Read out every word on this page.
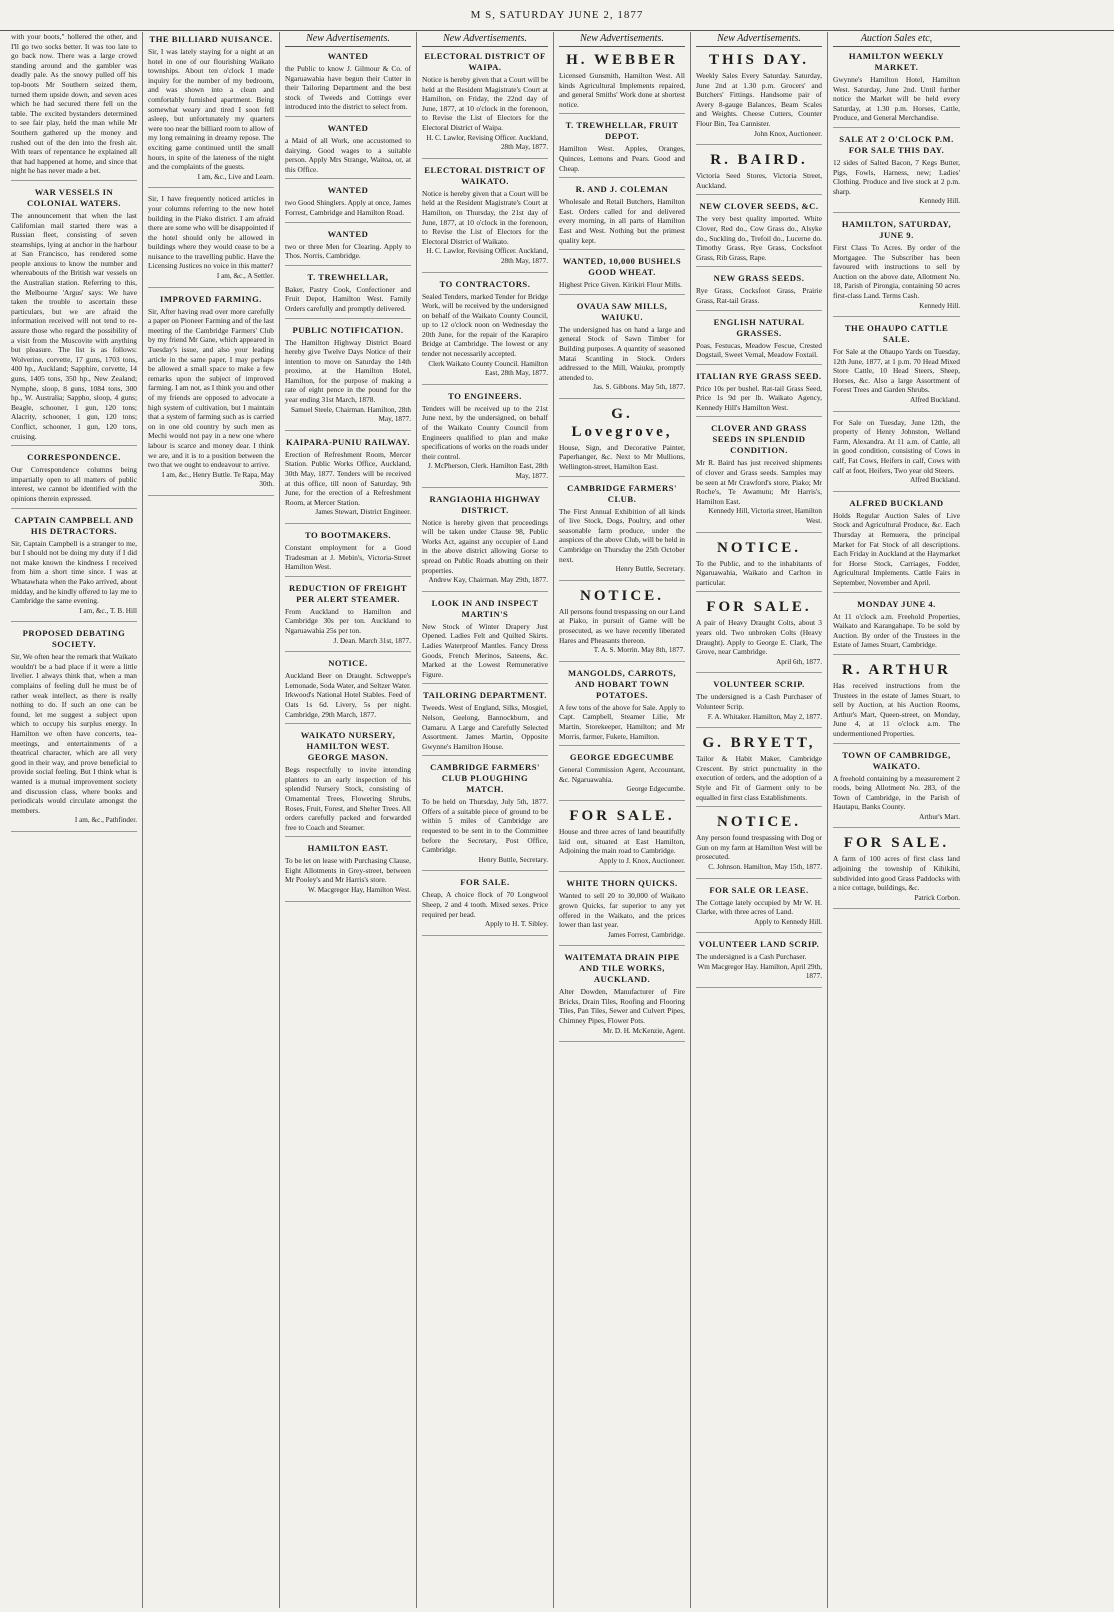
M S, SATURDAY JUNE 2, 1877

with your boots," hollered the other, and I'll go two socks better. It was too late to go back now. There was a large crowd standing around and the gambler was deadly pale. As the snowy pulled off his top-boots Mr Southern seized them, turned them upside down, and seven aces which he had secured there fell on the table. The excited bystanders determined to see fair play, held the man while Mr Southern gathered up the money and rushed out of the den into the fresh air. With tears of repentance he explained all that had happened at home, and since that night he has never made a bet.

WAR VESSELS IN COLONIAL WATERS.

The announcement that when the last Californian mail started there was a Russian fleet, consisting of seven steamships, lying at anchor in the harbour at San Francisco, has rendered some people anxious to know the number and whereabouts of the British war vessels on the Australian station. Referring to this, the Melbourne 'Argus' says: We have taken the trouble to ascertain these particulars, but we are afraid the information received will not tend to re-assure those who regard the possibility of a visit from the Muscovite with anything but pleasure. The list is as follows: Wolverine, corvette, 17 guns, 1703 tons, 400 hp., Auckland; Sapphire, corvette, 14 guns, 1405 tons, 350 hp., New Zealand; Nymphe, sloop, 8 guns, 1084 tons, 300 hp., W. Australia; Sappho, sloop, 4 guns; Beagle, schooner, 1 gun, 120 tons; Alacrity, schooner, 1 gun, 120 tons; Conflict, schooner, 1 gun, 120 tons, cruising.

CORRESPONDENCE.

Our Correspondence columns being impartially open to all matters of public interest, we cannot be identified with the opinions therein expressed.

CAPTAIN CAMPBELL AND HIS DETRACTORS.

Sir, Captain Campbell is a stranger to me, but I should not be doing my duty if I did not make known the kindness I received from him a short time since. I was at Whatawhata when the Pako arrived, about midday, and he kindly offered to lay me to Cambridge the same evening.

I am, &c., T. B. Hill
PROPOSED DEBATING SOCIETY.

Sir, We often hear the remark that Waikato wouldn't be a bad place if it were a little livelier. I always think that, when a man complains of feeling dull he must be of rather weak intellect, as there is really nothing to do. If such an one can be found, let me suggest a subject upon which to occupy his surplus energy. In Hamilton we often have concerts, tea-meetings, and entertainments of a theatrical character, which are all very good in their way, and prove beneficial to provide social feeling. But I think what is wanted is a mutual improvement society and discussion class, where books and periodicals would circulate amongst the members.

I am, &c., Pathfinder.
THE BILLIARD NUISANCE.

Sir, I was lately staying for a night at an hotel in one of our flourishing Waikato townships. About ten o'clock I made inquiry for the number of my bedroom, and was shown into a clean and comfortably furnished apartment. Being somewhat weary and tired I soon fell asleep, but unfortunately my quarters were too near the billiard room to allow of my long remaining in dreamy repose. The exciting game continued until the small hours, in spite of the lateness of the night and the complaints of the guests.

I am, &c., Live and Learn.

Sir, I have frequently noticed articles in your columns referring to the new hotel building in the Piako district. I am afraid there are some who will be disappointed if the hotel should only be allowed in buildings where they would cease to be a nuisance to the travelling public. Have the Licensing Justices no voice in this matter?

I am, &c., A Settler.
IMPROVED FARMING.

Sir, After having read over more carefully a paper on Pioneer Farming and of the last meeting of the Cambridge Farmers' Club by my friend Mr Gane, which appeared in Tuesday's issue, and also your leading article in the same paper, I may perhaps be allowed a small space to make a few remarks upon the subject of improved farming. I am not, as I think you and other of my friends are opposed to advocate a high system of cultivation, but I maintain that a system of farming such as is carried on in one old country by such men as Mechi would not pay in a new one where labour is scarce and money dear. I think we are, and it is to a position between the two that we ought to endeavour to arrive.

I am, &c., Henry Buttle. Te Rapa, May 30th.
New Advertisements.
WANTED

the Public to know J. Gilmour & Co. of Ngaruawahia have begun their Cutter in their Tailoring Department and the best stock of Tweeds and Cottings ever introduced into the district to select from.

WANTED

a Maid of all Work, one accustomed to dairying. Good wages to a suitable person. Apply Mrs Strange, Waitoa, or, at this Office.

WANTED

two Good Shinglers. Apply at once, James Forrest, Cambridge and Hamilton Road.

WANTED

two or three Men for Clearing. Apply to Thos. Norris, Cambridge.

T. TREWHELLAR,

Baker, Pastry Cook, Confectioner and Fruit Depot, Hamilton West. Family Orders carefully and promptly delivered.

PUBLIC NOTIFICATION.

The Hamilton Highway District Board hereby give Twelve Days Notice of their intention to move on Saturday the 14th proximo, at the Hamilton Hotel, Hamilton, for the purpose of making a rate of eight pence in the pound for the year ending 31st March, 1878.

Samuel Steele, Chairman. Hamilton, 28th May, 1877.
KAIPARA-PUNIU RAILWAY.

Erection of Refreshment Room, Mercer Station. Public Works Office, Auckland, 30th May, 1877. Tenders will be received at this office, till noon of Saturday, 9th June, for the erection of a Refreshment Room, at Mercer Station.

James Stewart, District Engineer.
TO BOOTMAKERS.

Constant employment for a Good Tradesman at J. Mebin's, Victoria-Street Hamilton West.

REDUCTION OF FREIGHT PER ALERT STEAMER.

From Auckland to Hamilton and Cambridge 30s per ton. Auckland to Ngaruawahia 25s per ton.

J. Dean. March 31st, 1877.
NOTICE.

Auckland Beer on Draught. Schweppe's Lemonade, Soda Water, and Seltzer Water. Irkwood's National Hotel Stables. Feed of Oats 1s 6d. Livery, 5s per night. Cambridge, 29th March, 1877.

WAIKATO NURSERY, HAMILTON WEST. GEORGE MASON.

Begs respectfully to invite intending planters to an early inspection of his splendid Nursery Stock, consisting of Ornamental Trees, Flowering Shrubs, Roses, Fruit, Forest, and Shelter Trees. All orders carefully packed and forwarded free to Coach and Steamer.

HAMILTON EAST.

To be let on lease with Purchasing Clause, Eight Allotments in Grey-street, between Mr Pooley's and Mr Harris's store.

W. Macgregor Hay, Hamilton West.
New Advertisements.
ELECTORAL DISTRICT OF WAIPA.

Notice is hereby given that a Court will be held at the Resident Magistrate's Court at Hamilton, on Friday, the 22nd day of June, 1877, at 10 o'clock in the forenoon, to Revise the List of Electors for the Electoral District of Waipa.

H. C. Lawlor, Revising Officer. Auckland, 28th May, 1877.
ELECTORAL DISTRICT OF WAIKATO.

Notice is hereby given that a Court will be held at the Resident Magistrate's Court at Hamilton, on Thursday, the 21st day of June, 1877, at 10 o'clock in the forenoon, to Revise the List of Electors for the Electoral District of Waikato.

H. C. Lawlor, Revising Officer. Auckland, 28th May, 1877.
TO CONTRACTORS.

Sealed Tenders, marked Tender for Bridge Work, will be received by the undersigned on behalf of the Waikato County Council, up to 12 o'clock noon on Wednesday the 20th June, for the repair of the Karapiro Bridge at Cambridge. The lowest or any tender not necessarily accepted.

Clerk Waikato County Council. Hamilton East, 28th May, 1877.
TO ENGINEERS.

Tenders will be received up to the 21st June next, by the undersigned, on behalf of the Waikato County Council from Engineers qualified to plan and make specifications of works on the roads under their control.

J. McPherson, Clerk. Hamilton East, 28th May, 1877.
RANGIAOHIA HIGHWAY DISTRICT.

Notice is hereby given that proceedings will be taken under Clause 98, Public Works Act, against any occupier of Land in the above district allowing Gorse to spread on Public Roads abutting on their properties.

Andrew Kay, Chairman. May 29th, 1877.
LOOK IN AND INSPECT MARTIN'S

New Stock of Winter Drapery Just Opened. Ladies Felt and Quilted Skirts. Ladies Waterproof Mantles. Fancy Dress Goods, French Merinos, Sateens, &c. Marked at the Lowest Remunerative Figure.

TAILORING DEPARTMENT.

Tweeds. West of England, Silks, Mosgiel, Nelson, Geelong, Bannockburn, and Oamaru. A Large and Carefully Selected Assortment. James Martin, Opposite Gwynne's Hamilton House.

CAMBRIDGE FARMERS' CLUB PLOUGHING MATCH.

To be held on Thursday, July 5th, 1877. Offers of a suitable piece of ground to be within 5 miles of Cambridge are requested to be sent in to the Committee before the Secretary, Post Office, Cambridge.

Henry Buttle, Secretary.
FOR SALE.

Cheap, A choice flock of 70 Longwool Sheep, 2 and 4 tooth. Mixed sexes. Price required per head.

Apply to H. T. Sibley.
New Advertisements.
H. WEBBER

Licensed Gunsmith, Hamilton West. All kinds Agricultural Implements repaired, and general Smiths' Work done at shortest notice.

T. TREWHELLAR, FRUIT DEPOT.

Hamilton West. Apples, Oranges, Quinces, Lemons and Pears. Good and Cheap.

R. AND J. COLEMAN

Wholesale and Retail Butchers, Hamilton East. Orders called for and delivered every morning, in all parts of Hamilton East and West. Nothing but the primest quality kept.

WANTED, 10,000 BUSHELS GOOD WHEAT.

Highest Price Given. Kirikiri Flour Mills.

OVAUA SAW MILLS, WAIUKU.

The undersigned has on hand a large and general Stock of Sawn Timber for Building purposes. A quantity of seasoned Matai Scantling in Stock. Orders addressed to the Mill, Waiuku, promptly attended to.

Jas. S. Gibbons. May 5th, 1877.
G. Lovegrove,

House, Sign, and Decorative Painter, Paperhanger, &c. Next to Mr Mullions, Wellington-street, Hamilton East.

CAMBRIDGE FARMERS' CLUB.

The First Annual Exhibition of all kinds of live Stock, Dogs, Poultry, and other seasonable farm produce, under the auspices of the above Club, will be held in Cambridge on Thursday the 25th October next.

Henry Buttle, Secretary.
NOTICE.

All persons found trespassing on our Land at Piako, in pursuit of Game will be prosecuted, as we have recently liberated Hares and Pheasants thereon.

T. A. S. Morrin. May 8th, 1877.
MANGOLDS, CARROTS, AND HOBART TOWN POTATOES.

A few tons of the above for Sale. Apply to Capt. Campbell, Steamer Lilie, Mr Martin, Storekeeper, Hamilton; and Mr Morris, farmer, Fukete, Hamilton.

GEORGE EDGECUMBE

General Commission Agent, Accountant, &c. Ngaruawahia.

George Edgecumbe.
FOR SALE.

House and three acres of land beautifully laid out, situated at East Hamilton, Adjoining the main road to Cambridge.

Apply to J. Knox, Auctioneer.
WHITE THORN QUICKS.

Wanted to sell 20 to 30,000 of Waikato grown Quicks, far superior to any yet offered in the Waikato, and the prices lower than last year.

James Forrest, Cambridge.
WAITEMATA DRAIN PIPE AND TILE WORKS, AUCKLAND.

Alter Dowden, Manufacturer of Fire Bricks, Drain Tiles, Roofing and Flooring Tiles, Pan Tiles, Sewer and Culvert Pipes, Chimney Pipes, Flower Pots.

Mr. D. H. McKenzie, Agent.
New Advertisements.
THIS DAY.

Weekly Sales Every Saturday. Saturday, June 2nd at 1.30 p.m. Grocers' and Butchers' Fittings. Handsome pair of Avery 8-gauge Balances, Beam Scales and Weights. Cheese Cutters, Counter Flour Bin, Tea Cannister.

John Knox, Auctioneer.
R. BAIRD.

Victoria Seed Stores, Victoria Street, Auckland.

NEW CLOVER SEEDS, &C.

The very best quality imported. White Clover, Red do., Cow Grass do., Alsyke do., Suckling do., Trefoil do., Lucerne do. Timothy Grass, Rye Grass, Cocksfoot Grass, Rib Grass, Rape.

NEW GRASS SEEDS.

Rye Grass, Cocksfoot Grass, Prairie Grass, Rat-tail Grass.

ENGLISH NATURAL GRASSES.

Poas, Festucas, Meadow Fescue, Crested Dogstail, Sweet Vernal, Meadow Foxtail.

ITALIAN RYE GRASS SEED.

Price 10s per bushel. Rat-tail Grass Seed, Price 1s 9d per lb. Waikato Agency, Kennedy Hill's Hamilton West.

CLOVER AND GRASS SEEDS IN SPLENDID CONDITION.

Mr R. Baird has just received shipments of clover and Grass seeds. Samples may be seen at Mr Crawford's store, Piako; Mr Roche's, Te Awamutu; Mr Harris's, Hamilton East.

Kennedy Hill, Victoria street, Hamilton West.
NOTICE.

To the Public, and to the inhabitants of Ngaruawahia, Waikato and Carlton in particular.

FOR SALE.

A pair of Heavy Draught Colts, about 3 years old. Two unbroken Colts (Heavy Draught). Apply to George E. Clark, The Grove, near Cambridge.

April 6th, 1877.
VOLUNTEER SCRIP.

The undersigned is a Cash Purchaser of Volunteer Scrip.

F. A. Whitaker. Hamilton, May 2, 1877.
G. BRYETT,

Tailor & Habit Maker, Cambridge Crescent. By strict punctuality in the execution of orders, and the adoption of a Style and Fit of Garment only to be equalled in first class Establishments.

NOTICE.

Any person found trespassing with Dog or Gun on my farm at Hamilton West will be prosecuted.

C. Johnson. Hamilton, May 15th, 1877.
FOR SALE OR LEASE.

The Cottage lately occupied by Mr W. H. Clarke, with three acres of Land.

Apply to Kennedy Hill.
VOLUNTEER LAND SCRIP.

The undersigned is a Cash Purchaser.

Wm Macgregor Hay. Hamilton, April 29th, 1877.
Auction Sales etc,
HAMILTON WEEKLY MARKET.

Gwynne's Hamilton Hotel, Hamilton West. Saturday, June 2nd. Until further notice the Market will be held every Saturday, at 1.30 p.m. Horses, Cattle, Produce, and General Merchandise.

SALE AT 2 O'CLOCK P.M. FOR SALE THIS DAY.

12 sides of Salted Bacon, 7 Kegs Butter, Pigs, Fowls, Harness, new; Ladies' Clothing. Produce and live stock at 2 p.m. sharp.

Kennedy Hill.
HAMILTON, SATURDAY, JUNE 9.

First Class To Acres. By order of the Mortgagee. The Subscriber has been favoured with instructions to sell by Auction on the above date, Allotment No. 18, Parish of Pirongia, containing 50 acres first-class Land. Terms Cash.

Kennedy Hill.
THE OHAUPO CATTLE SALE.

For Sale at the Ohaupo Yards on Tuesday, 12th June, 1877, at 1 p.m. 70 Head Mixed Store Cattle, 10 Head Steers, Sheep, Horses, &c. Also a large Assortment of Forest Trees and Garden Shrubs.

Alfred Buckland.

For Sale on Tuesday, June 12th, the property of Henry Johnston, Welland Farm, Alexandra. At 11 a.m. of Cattle, all in good condition, consisting of Cows in calf, Fat Cows, Heifers in calf, Cows with calf at foot, Heifers, Two year old Steers.

Alfred Buckland.
ALFRED BUCKLAND

Holds Regular Auction Sales of Live Stock and Agricultural Produce, &c. Each Thursday at Remuera, the principal Market for Fat Stock of all descriptions. Each Friday in Auckland at the Haymarket for Horse Stock, Carriages, Fodder, Agricultural Implements. Cattle Fairs in September, November and April.

MONDAY JUNE 4.

At 11 o'clock a.m. Freehold Properties, Waikato and Karangahape. To be sold by Auction. By order of the Trustees in the Estate of James Stuart, Cambridge.

R. ARTHUR

Has received instructions from the Trustees in the estate of James Stuart, to sell by Auction, at his Auction Rooms, Arthur's Mart, Queen-street, on Monday, June 4, at 11 o'clock a.m. The undermentioned Properties.

TOWN OF CAMBRIDGE, WAIKATO.

A freehold containing by a measurement 2 roods, being Allotment No. 283, of the Town of Cambridge, in the Parish of Hautapu, Banks County.

Arthur's Mart.
FOR SALE.

A farm of 100 acres of first class land adjoining the township of Kihikihi, subdivided into good Grass Paddocks with a nice cottage, buildings, &c.

Patrick Corbon.
